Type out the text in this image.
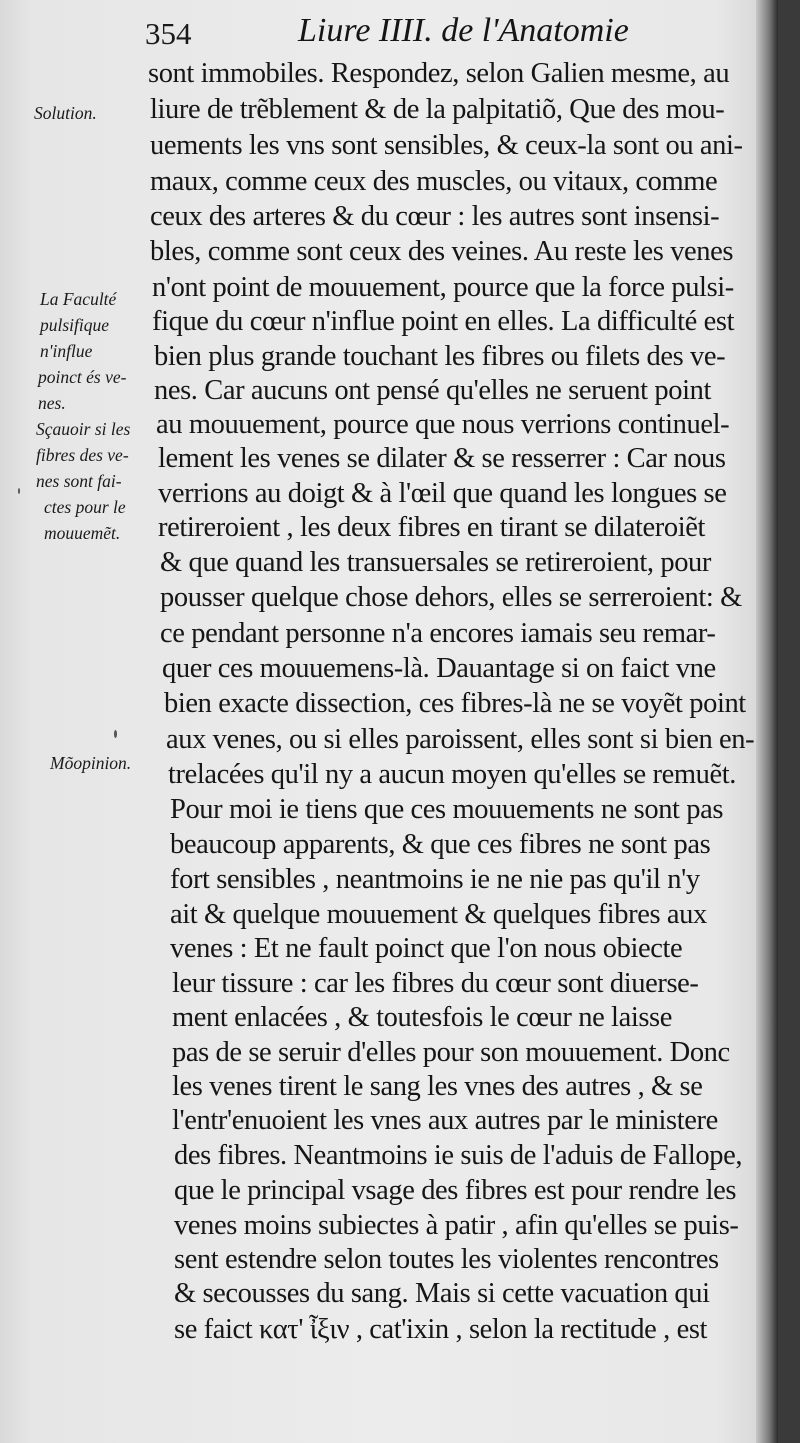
354	Liure IIII. de l'Anatomie
sont immobiles. Respondez, selon Galien mesme, au
liure de trẽblement & de la palpitatiõ, Que des mou-
uements les vns sont sensibles, & ceux-la sont ou ani-
maux, comme ceux des muscles, ou vitaux, comme
ceux des arteres & du cœur : les autres sont insensi-
bles, comme sont ceux des veines. Au reste les venes
n'ont point de mouuement, pource que la force pulsi-
fique du cœur n'influe point en elles. La difficulté est
bien plus grande touchant les fibres ou filets des ve-
nes. Car aucuns ont pensé qu'elles ne seruent point
au mouuement, pource que nous verrions continuel-
lement les venes se dilater & se resserrer : Car nous
verrions au doigt & à l'œil que quand les longues se
retireroient , les deux fibres en tirant se dilateroiẽt
& que quand les transuersales se retireroient, pour
pousser quelque chose dehors, elles se serreroient: &
ce pendant personne n'a encores iamais seu remar-
quer ces mouuemens-là. Dauantage si on faict vne
bien exacte dissection, ces fibres-là ne se voyẽt point
aux venes, ou si elles paroissent, elles sont si bien en-
trelacées qu'il ny a aucun moyen qu'elles se remuẽt.
Pour moi ie tiens que ces mouuements ne sont pas
beaucoup apparents, & que ces fibres ne sont pas
fort sensibles , neantmoins ie ne nie pas qu'il n'y
ait & quelque mouuement & quelques fibres aux
venes : Et ne fault poinct que l'on nous obiecte
leur tissure : car les fibres du cœur sont diuerse-
ment enlacées , & toutesfois le cœur ne laisse
pas de se seruir d'elles pour son mouuement. Donc
les venes tirent le sang les vnes des autres , & se
l'entr'enuoient les vnes aux autres par le ministere
des fibres. Neantmoins ie suis de l'aduis de Fallope,
que le principal vsage des fibres est pour rendre les
venes moins subiectes à patir , afin qu'elles se puis-
sent estendre selon toutes les violentes rencontres
& secousses du sang. Mais si cette vacuation qui
se faict κατ' ἶξιν , cat'ixin , selon la rectitude , est
Solution.
La Faculté
pulsifique
n'influe
poinct és ve-
nes.
Sçauoir si les
fibres des ve-
nes sont fai-
ctes pour le
mouuemẽt.
Mõopinion.
